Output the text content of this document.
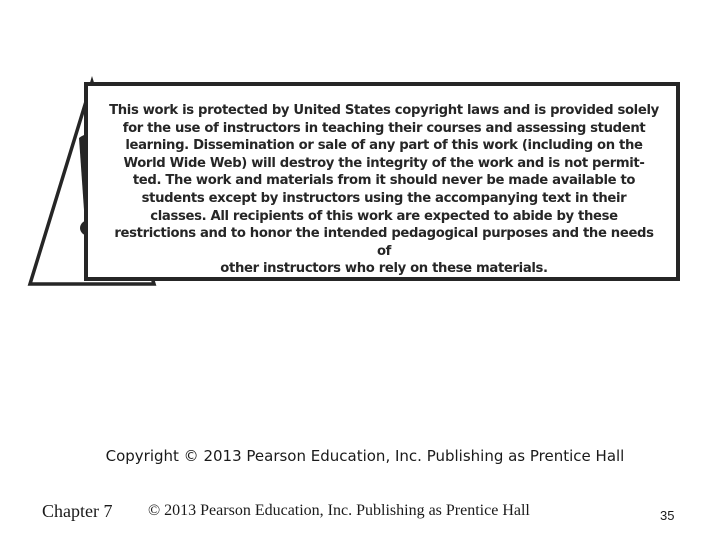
This work is protected by United States copyright laws and is provided solely
for the use of instructors in teaching their courses and assessing student
learning. Dissemination or sale of any part of this work (including on the
World Wide Web) will destroy the integrity of the work and is not permit-
ted. The work and materials from it should never be made available to
students except by instructors using the accompanying text in their
classes. All recipients of this work are expected to abide by these
restrictions and to honor the intended pedagogical purposes and the needs of
other instructors who rely on these materials.

Copyright © 2013 Pearson Education, Inc. Publishing as Prentice Hall
Chapter 7 © 2013 Pearson Education, Inc. Publishing as Prentice Hall	35
